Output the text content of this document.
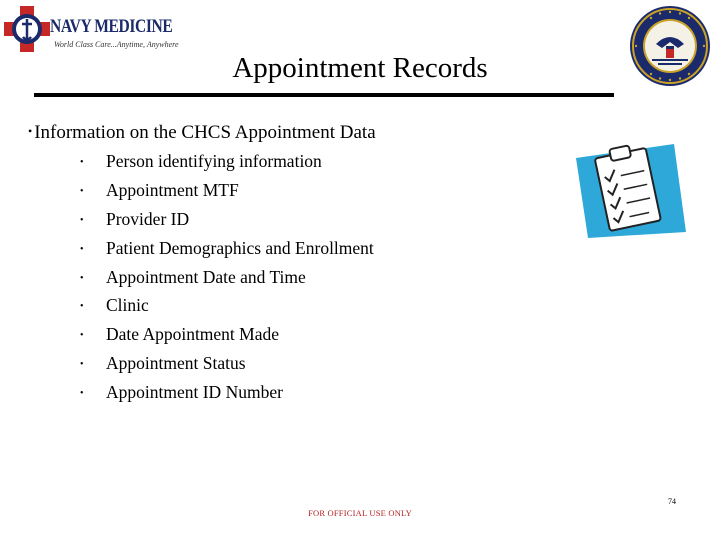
NAVY MEDICINE
World Class Care...Anytime, Anywhere
Appointment Records
• Information on the CHCS Appointment Data
• Person identifying information
• Appointment MTF
• Provider ID
• Patient Demographics and Enrollment
• Appointment Date and Time
• Clinic
• Date Appointment Made
• Appointment Status
• Appointment ID Number
74
FOR OFFICIAL USE ONLY
